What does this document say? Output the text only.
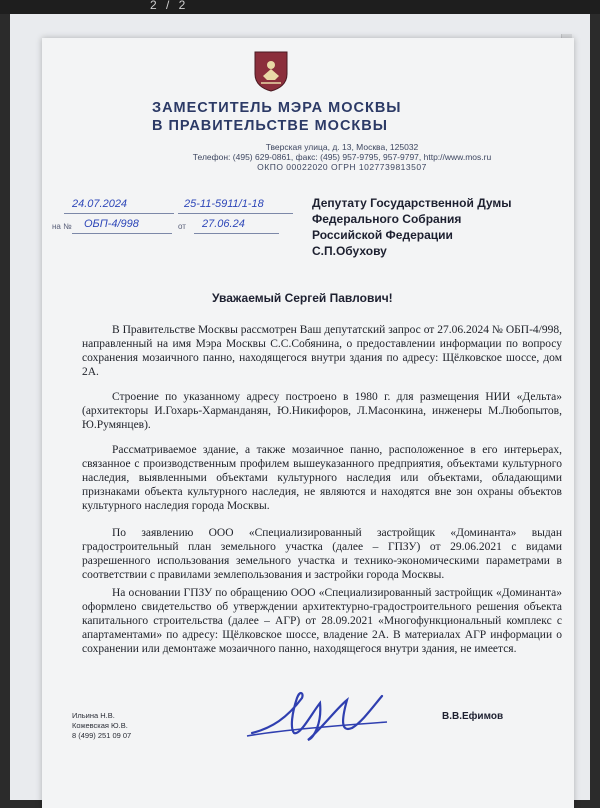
2 / 2
ЗАМЕСТИТЕЛЬ МЭРА МОСКВЫ
В ПРАВИТЕЛЬСТВЕ МОСКВЫ
Тверская улица, д. 13, Москва, 125032
Телефон: (495) 629-0861, факс: (495) 957-9795, 957-9797, http://www.mos.ru
ОКПО 00022020 ОГРН 1027739813507
24.07.2024	25-11-5911/1-18
на № ОБП-4/998	от 27.06.24
Депутату Государственной Думы
Федерального Собрания
Российской Федерации
С.П.Обухову
Уважаемый Сергей Павлович!
В Правительстве Москвы рассмотрен Ваш депутатский запрос от 27.06.2024 № ОБП-4/998, направленный на имя Мэра Москвы С.С.Собянина, о предоставлении информации по вопросу сохранения мозаичного панно, находящегося внутри здания по адресу: Щёлковское шоссе, дом 2А.
Строение по указанному адресу построено в 1980 г. для размещения НИИ «Дельта» (архитекторы И.Гохарь-Харманданян, Ю.Никифоров, Л.Масонкина, инженеры М.Любопытов, Ю.Румянцев).
Рассматриваемое здание, а также мозаичное панно, расположенное в его интерьерах, связанное с производственным профилем вышеуказанного предприятия, объектами культурного наследия, выявленными объектами культурного наследия или объектами, обладающими признаками объекта культурного наследия, не являются и находятся вне зон охраны объектов культурного наследия города Москвы.
По заявлению ООО «Специализированный застройщик «Доминанта» выдан градостроительный план земельного участка (далее – ГПЗУ) от 29.06.2021 с видами разрешенного использования земельного участка и технико-экономическими параметрами в соответствии с правилами землепользования и застройки города Москвы.
На основании ГПЗУ по обращению ООО «Специализированный застройщик «Доминанта» оформлено свидетельство об утверждении архитектурно-градостроительного решения объекта капитального строительства (далее – АГР) от 28.09.2021 «Многофункциональный комплекс с апартаментами» по адресу: Щёлковское шоссе, владение 2А. В материалах АГР информации о сохранении или демонтаже мозаичного панно, находящегося внутри здания, не имеется.
Ильина Н.В.
Кожевская Ю.В.
8 (499) 251 09 07
В.В.Ефимов
